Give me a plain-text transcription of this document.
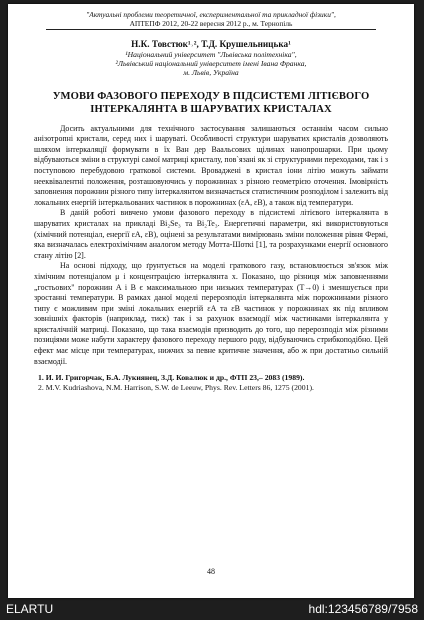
"Актуальні проблеми теоретичної, експериментальної та прикладної фізики",
АПТЕПФ 2012, 20-22 вересня 2012 р., м. Тернопіль
Н.К. Товстюк¹˒², Т.Д. Крушельницька¹
¹Національний університет "Львівська політехніка",
²Львівський національний університет імені Івана Франка,
м. Львів, Україна
УМОВИ ФАЗОВОГО ПЕРЕХОДУ В ПІДСИСТЕМІ ЛІТІЄВОГО ІНТЕРКАЛЯНТА В ШАРУВАТИХ КРИСТАЛАХ

Досить актуальними для технічного застосування залишаються останнім часом сильно анізотропні кристали, серед них і шаруваті. Особливості структури шаруватих кристалів дозволяють шляхом інтеркаляції формувати в їх Ван дер Ваальсових щілинах нанопрошарки. При цьому відбуваються зміни в структурі самої матриці кристалу, пов`язані як зі структурними переходами, так і з поступовою перебудовою граткової системи. Вроваджені в кристал іони літію можуть займати нееквівалентні положення, розташовуючись у порожнинах з різною геометрією оточення. Імовірність заповнення порожнин різного типу інтеркалянтом визначається статистичним розподілом і залежить від локальних енергій інтеркальованих частинок в порожнинах (εA, εB), а також від температури.

В даній роботі вивчено умови фазового переходу в підсистемі літієвого інтеркалянта в шаруватих кристалах на прикладі Bi₂Se₃ та Bi₂Te₃. Енергетичні параметри, які використовуються (хімічний потенціал, енергії εA, εB), оцінені за результатами вимірювань зміни положення рівня Фермі, яка визначалась електрохімічним аналогом методу Мотта-Шоткі [1], та розрахунками енергії основного стану літію [2].

На основі підходу, що ґрунтується на моделі граткового газу, встановлюється зв'язок між хімічним потенціалом μ і концентрацією інтеркалянта x. Показано, що різниця між заповненнями „гостьових" порожнин A і B є максимальною при низьких температурах (T→0) і зменшується при зростанні температури. В рамках даної моделі перерозподіл інтеркалянта між порожнинами різного типу є можливим при зміні локальних енергій εA та εB частинок у порожнинах як під впливом зовнішніх факторів (наприклад, тиск) так і за рахунок взаємодії між частинками інтеркалянта у кристалічній матриці. Показано, що така взаємодія призводить до того, що перерозподіл між різними позиціями може набути характеру фазового переходу першого роду, відбуваючись стрибкоподібно. Цей ефект має місце при температурах, нижчих за певне критичне значення, або ж при достатньо сильній взаємодії.

1. И. И. Григорчак, Б.А. Лукиянец, З.Д. Ковалюк и др., ФТП 23,– 2083 (1989).

2. M.V. Kudriashova, N.M. Harrison, S.W. de Leeuw, Phys. Rev. Letters 86, 1275 (2001).

48
ELARTU	hdl:123456789/7958
